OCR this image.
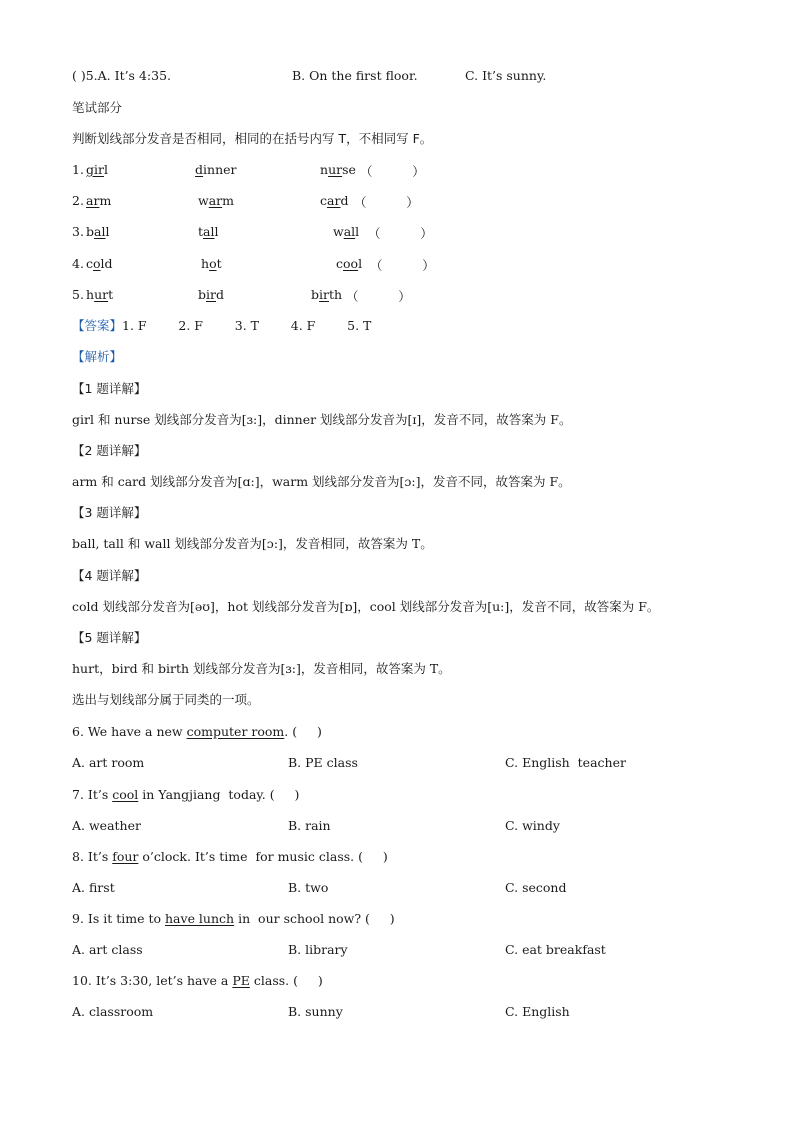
( )5.A. It’s 4:35.	B. On the first floor.	C. It’s sunny.
笔试部分
判断划线部分发音是否相同，相同的在括号内写 T，不相同写 F。
1. girl	dinner	nurse （          ）
2. arm	warm	card （          ）
3. ball	tall	wall （          ）
4. cold	hot	cool （          ）
5. hurt	bird	birth （          ）
【答案】1. F        2. F        3. T        4. F        5. T
【解析】
【1 题详解】
girl 和 nurse 划线部分发音为[ɜ:]，dinner 划线部分发音为[ɪ]，发音不同，故答案为 F。
【2 题详解】
arm 和 card 划线部分发音为[ɑ:]，warm 划线部分发音为[ɔ:]，发音不同，故答案为 F。
【3 题详解】
ball, tall 和 wall 划线部分发音为[ɔ:]，发音相同，故答案为 T。
【4 题详解】
cold 划线部分发音为[əʊ]，hot 划线部分发音为[ɒ]，cool 划线部分发音为[u:]，发音不同，故答案为 F。
【5 题详解】
hurt，bird 和 birth 划线部分发音为[ɜ:]，发音相同，故答案为 T。
选出与划线部分属于同类的一项。
6. We have a new computer room. (     )
A. art room	B. PE class	C. English  teacher
7. It’s cool in Yangjiang  today. (     )
A. weather	B. rain	C. windy
8. It’s four o’clock. It’s time  for music class. (     )
A. first	B. two	C. second
9. Is it time to have lunch in  our school now? (     )
A. art class	B. library	C. eat breakfast
10. It’s 3:30, let’s have a PE class. (     )
A. classroom	B. sunny	C. English
